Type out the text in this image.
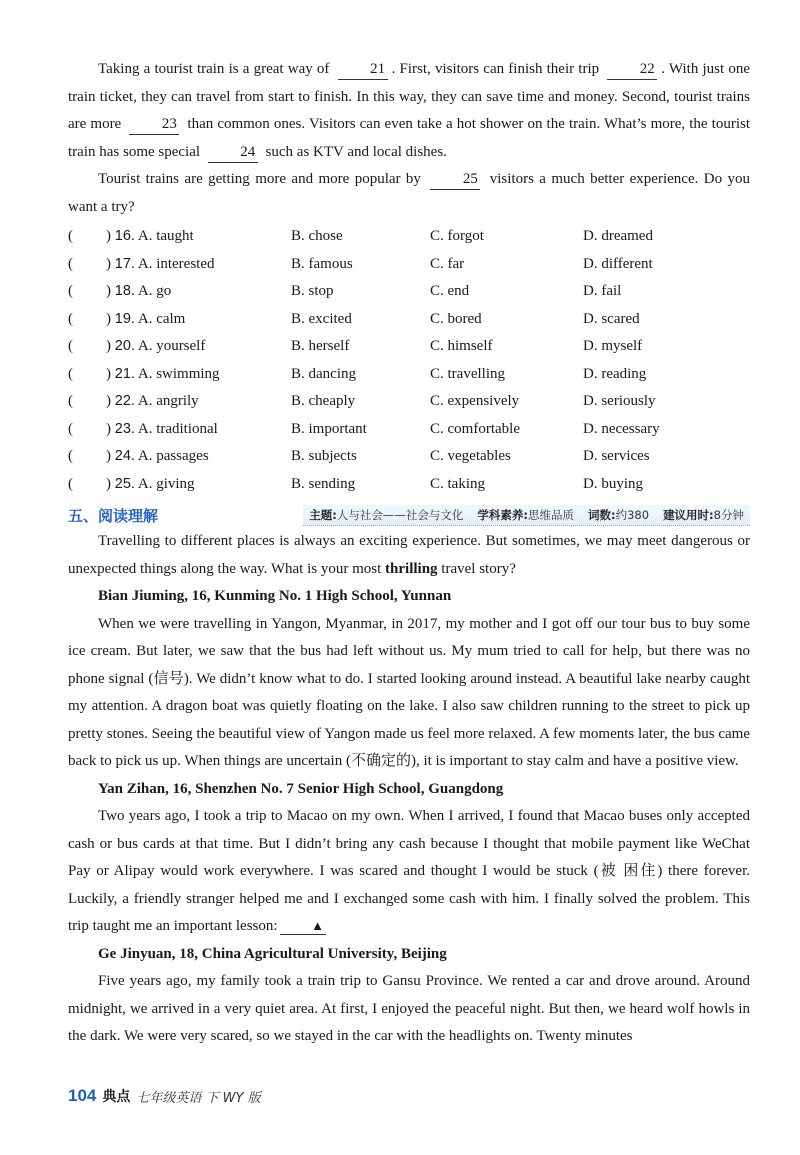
Taking a tourist train is a great way of 21 . First, visitors can finish their trip 22 . With just one train ticket, they can travel from start to finish. In this way, they can save time and money. Second, tourist trains are more 23 than common ones. Visitors can even take a hot shower on the train. What’s more, the tourist train has some special 24 such as KTV and local dishes.

Tourist trains are getting more and more popular by 25 visitors a much better experience. Do you want a try?

(	) 16. A. taught	B. chose	C. forgot	D. dreamed
(	) 17. A. interested	B. famous	C. far	D. different
(	) 18. A. go	B. stop	C. end	D. fail
(	) 19. A. calm	B. excited	C. bored	D. scared
(	) 20. A. yourself	B. herself	C. himself	D. myself
(	) 21. A. swimming	B. dancing	C. travelling	D. reading
(	) 22. A. angrily	B. cheaply	C. expensively	D. seriously
(	) 23. A. traditional	B. important	C. comfortable	D. necessary
(	) 24. A. passages	B. subjects	C. vegetables	D. services
(	) 25. A. giving	B. sending	C. taking	D. buying
五、阅读理解	主题:人与社会——社会与文化 学科素养:思维品质 词数:约380 建议用时:8分钟

Travelling to different places is always an exciting experience. But sometimes, we may meet dangerous or unexpected things along the way. What is your most thrilling travel story?

Bian Jiuming, 16, Kunming No. 1 High School, Yunnan

When we were travelling in Yangon, Myanmar, in 2017, my mother and I got off our tour bus to buy some ice cream. But later, we saw that the bus had left without us. My mum tried to call for help, but there was no phone signal (信号). We didn’t know what to do. I started looking around instead. A beautiful lake nearby caught my attention. A dragon boat was quietly floating on the lake. I also saw children running to the street to pick up pretty stones. Seeing the beautiful view of Yangon made us feel more relaxed. A few moments later, the bus came back to pick us up. When things are uncertain (不确定的), it is important to stay calm and have a positive view.

Yan Zihan, 16, Shenzhen No. 7 Senior High School, Guangdong

Two years ago, I took a trip to Macao on my own. When I arrived, I found that Macao buses only accepted cash or bus cards at that time. But I didn’t bring any cash because I thought that mobile payment like WeChat Pay or Alipay would work everywhere. I was scared and thought I would be stuck (被 困住) there forever. Luckily, a friendly stranger helped me and I exchanged some cash with him. I finally solved the problem. This trip taught me an important lesson:	▲

Ge Jinyuan, 18, China Agricultural University, Beijing

Five years ago, my family took a train trip to Gansu Province. We rented a car and drove around. Around midnight, we arrived in a very quiet area. At first, I enjoyed the peaceful night. But then, we heard wolf howls in the dark. We were very scared, so we stayed in the car with the headlights on. Twenty minutes

104 典点 七年级英语 下 WY 版
